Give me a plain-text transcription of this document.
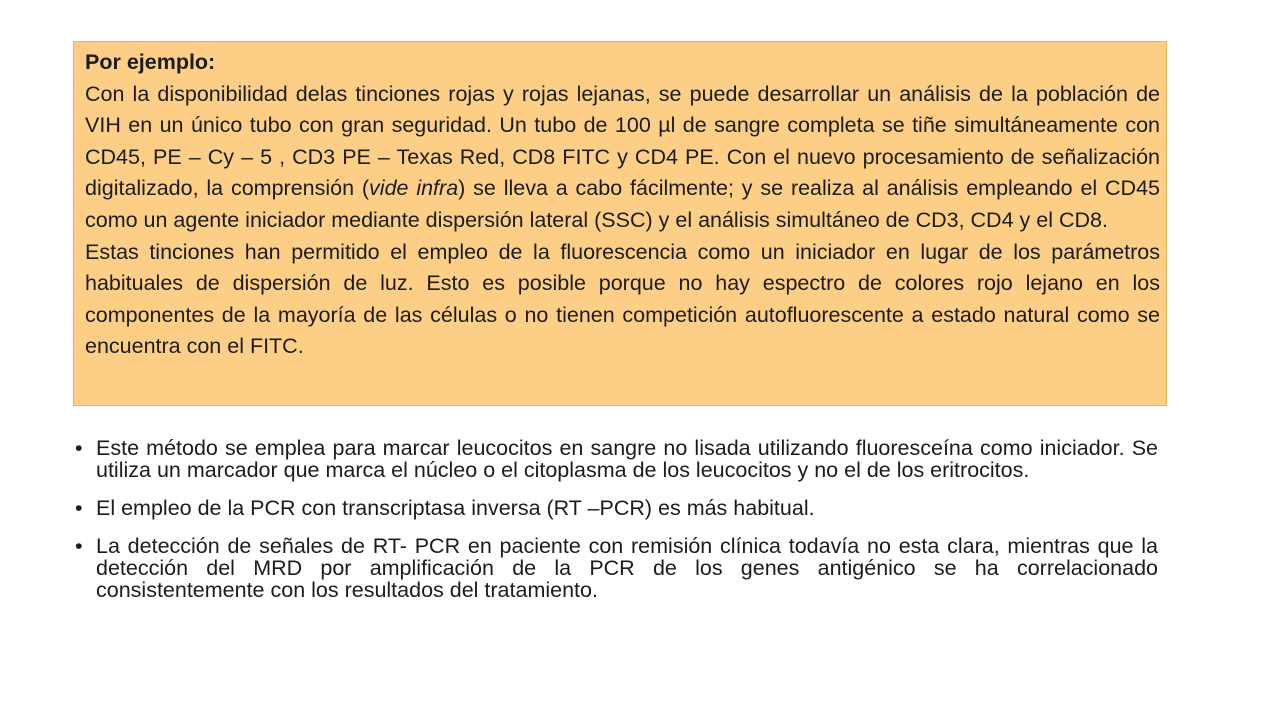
Por ejemplo:

Con la disponibilidad delas tinciones rojas y rojas lejanas, se puede desarrollar un análisis de la población de VIH en un único tubo con gran seguridad. Un tubo de 100 µl de sangre completa se tiñe simultáneamente con CD45, PE – Cy – 5 , CD3 PE – Texas Red, CD8 FITC y CD4 PE. Con el nuevo procesamiento de señalización digitalizado, la comprensión (vide infra) se lleva a cabo fácilmente; y se realiza al análisis empleando el CD45 como un agente iniciador mediante dispersión lateral (SSC) y el análisis simultáneo de CD3, CD4 y el CD8.

Estas tinciones han permitido el empleo de la fluorescencia como un iniciador en lugar de los parámetros habituales de dispersión de luz. Esto es posible porque no hay espectro de colores rojo lejano en los componentes de la mayoría de las células o no tienen competición autofluorescente a estado natural como se encuentra con el FITC.

• Este método se emplea para marcar leucocitos en sangre no lisada utilizando fluoresceína como iniciador. Se utiliza un marcador que marca el núcleo o el citoplasma de los leucocitos y no el de los eritrocitos.
• El empleo de la PCR con transcriptasa inversa (RT –PCR) es más habitual.
• La detección de señales de RT- PCR en paciente con remisión clínica todavía no esta clara, mientras que la detección del MRD por amplificación de la PCR de los genes antigénico se ha correlacionado consistentemente con los resultados del tratamiento.
